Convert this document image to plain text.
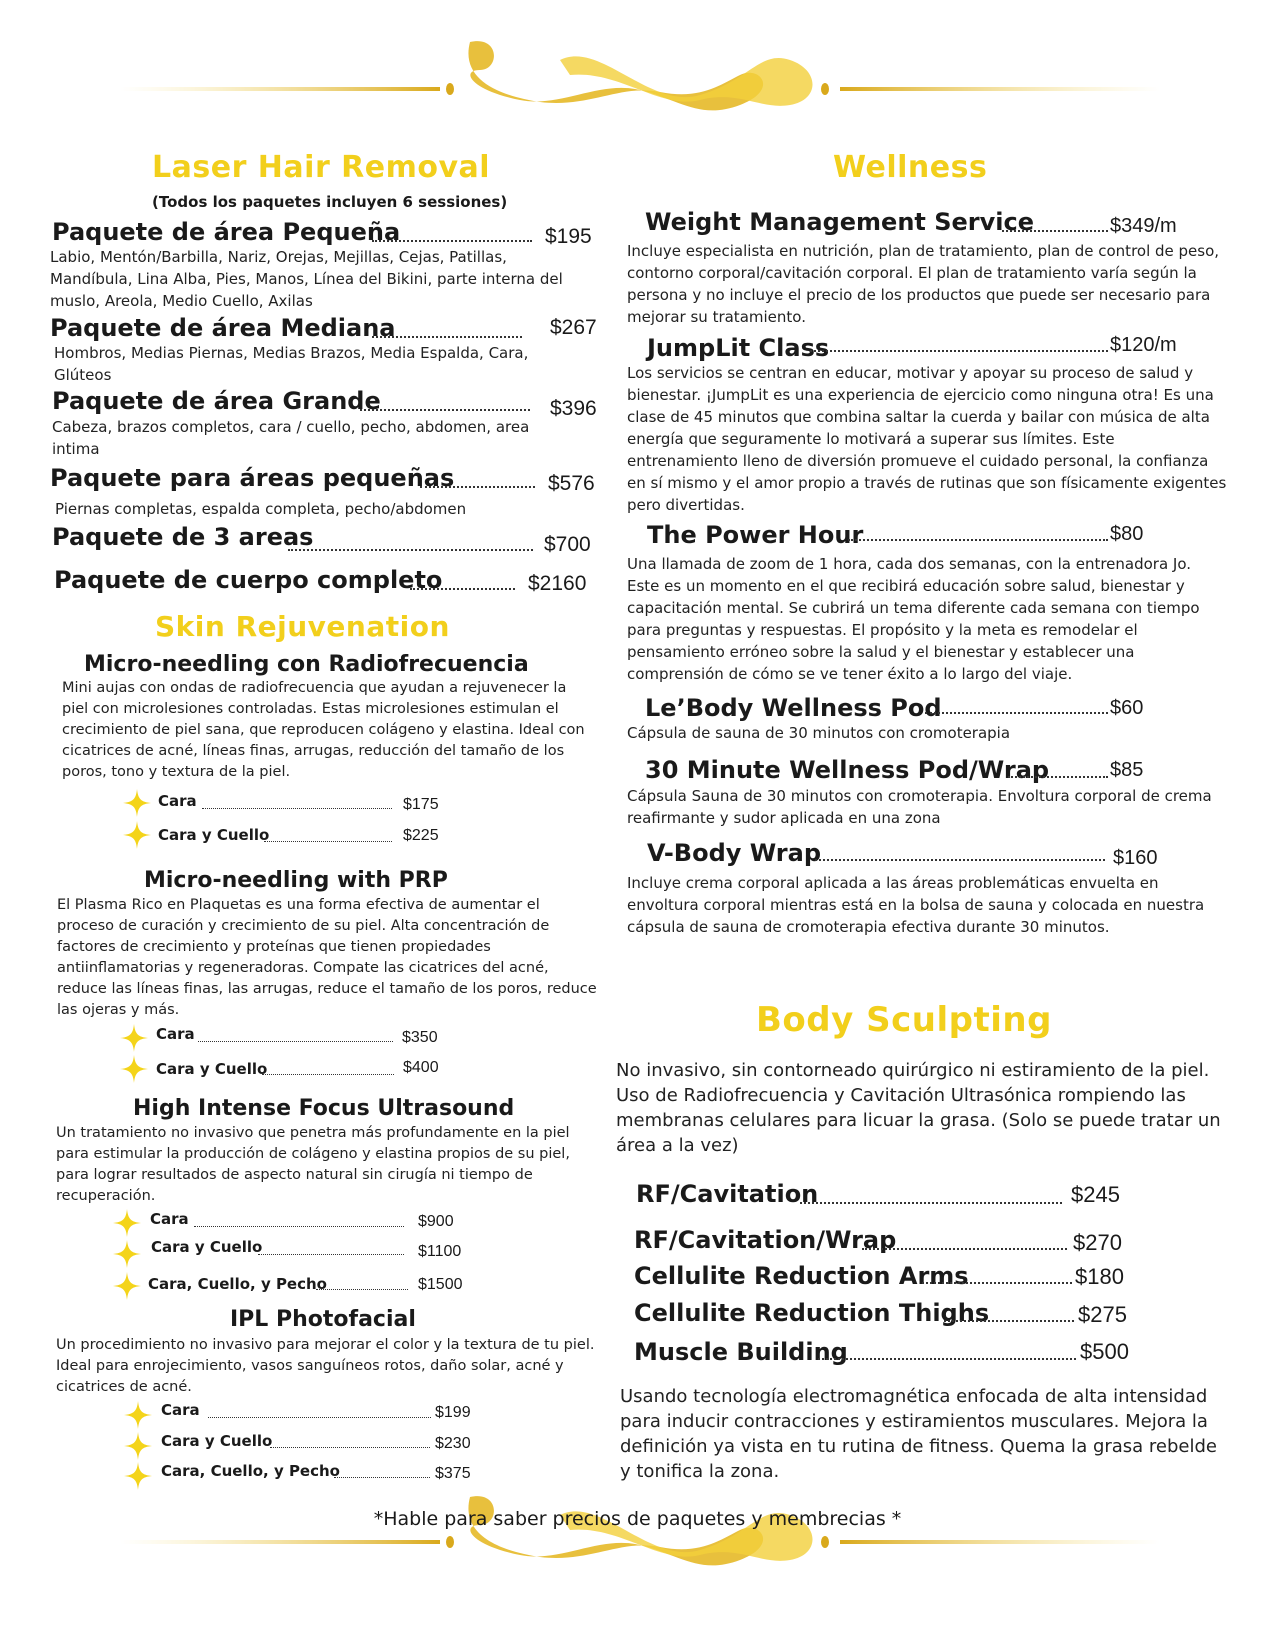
Laser Hair Removal
(Todos los paquetes incluyen 6 sessiones)
Paquete de área Pequeña	$195
Labio, Mentón/Barbilla, Nariz, Orejas, Mejillas, Cejas, Patillas, Mandíbula, Lina Alba, Pies, Manos, Línea del Bikini, parte interna del muslo, Areola, Medio Cuello, Axilas
Paquete de área Mediana	$267
Hombros, Medias Piernas, Medias Brazos, Media Espalda, Cara, Glúteos
Paquete de área Grande	$396
Cabeza, brazos completos, cara / cuello, pecho, abdomen, area intima
Paquete para áreas pequeñas	$576
Piernas completas, espalda completa, pecho/abdomen
Paquete de 3 areas	$700
Paquete de cuerpo completo	$2160
Skin Rejuvenation
Micro-needling con Radiofrecuencia
Mini aujas con ondas de radiofrecuencia que ayudan a rejuvenecer la piel con microlesiones controladas. Estas microlesiones estimulan el crecimiento de piel sana, que reproducen colágeno y elastina. Ideal con cicatrices de acné, líneas finas, arrugas, reducción del tamaño de los poros, tono y textura de la piel.
Cara	$175
Cara y Cuello	$225
Micro-needling with PRP
El Plasma Rico en Plaquetas es una forma efectiva de aumentar el proceso de curación y crecimiento de su piel. Alta concentración de factores de crecimiento y proteínas que tienen propiedades antiinflamatorias y regeneradoras. Compate las cicatrices del acné, reduce las líneas finas, las arrugas, reduce el tamaño de los poros, reduce las ojeras y más.
Cara	$350
Cara y Cuello	$400
High Intense Focus Ultrasound
Un tratamiento no invasivo que penetra más profundamente en la piel para estimular la producción de colágeno y elastina propios de su piel, para lograr resultados de aspecto natural sin cirugía ni tiempo de recuperación.
Cara	$900
Cara y Cuello	$1100
Cara, Cuello, y Pecho	$1500
IPL Photofacial
Un procedimiento no invasivo para mejorar el color y la textura de tu piel. Ideal para enrojecimiento, vasos sanguíneos rotos, daño solar, acné y cicatrices de acné.
Cara	$199
Cara y Cuello	$230
Cara, Cuello, y Pecho	$375
Wellness
Weight Management Service	$349/m
Incluye especialista en nutrición, plan de tratamiento, plan de control de peso, contorno corporal/cavitación corporal. El plan de tratamiento varía según la persona y no incluye el precio de los productos que puede ser necesario para mejorar su tratamiento.
JumpLit Class	$120/m
Los servicios se centran en educar, motivar y apoyar su proceso de salud y bienestar. ¡JumpLit es una experiencia de ejercicio como ninguna otra! Es una clase de 45 minutos que combina saltar la cuerda y bailar con música de alta energía que seguramente lo motivará a superar sus límites. Este entrenamiento lleno de diversión promueve el cuidado personal, la confianza en sí mismo y el amor propio a través de rutinas que son físicamente exigentes pero divertidas.
The Power Hour	$80
Una llamada de zoom de 1 hora, cada dos semanas, con la entrenadora Jo. Este es un momento en el que recibirá educación sobre salud, bienestar y capacitación mental. Se cubrirá un tema diferente cada semana con tiempo para preguntas y respuestas. El propósito y la meta es remodelar el pensamiento erróneo sobre la salud y el bienestar y establecer una comprensión de cómo se ve tener éxito a lo largo del viaje.
Le’Body Wellness Pod	$60
Cápsula de sauna de 30 minutos con cromoterapia
30 Minute Wellness Pod/Wrap	$85
Cápsula Sauna de 30 minutos con cromoterapia. Envoltura corporal de crema reafirmante y sudor aplicada en una zona
V-Body Wrap	$160
Incluye crema corporal aplicada a las áreas problemáticas envuelta en envoltura corporal mientras está en la bolsa de sauna y colocada en nuestra cápsula de sauna de cromoterapia efectiva durante 30 minutos.
Body Sculpting
No invasivo, sin contorneado quirúrgico ni estiramiento de la piel. Uso de Radiofrecuencia y Cavitación Ultrasónica rompiendo las membranas celulares para licuar la grasa. (Solo se puede tratar un área a la vez)
RF/Cavitation	$245
RF/Cavitation/Wrap	$270
Cellulite Reduction Arms	$180
Cellulite Reduction Thighs	$275
Muscle Building	$500
Usando tecnología electromagnética enfocada de alta intensidad para inducir contracciones y estiramientos musculares. Mejora la definición ya vista en tu rutina de fitness. Quema la grasa rebelde y tonifica la zona.
*Hable para saber precios de paquetes y membrecias *
